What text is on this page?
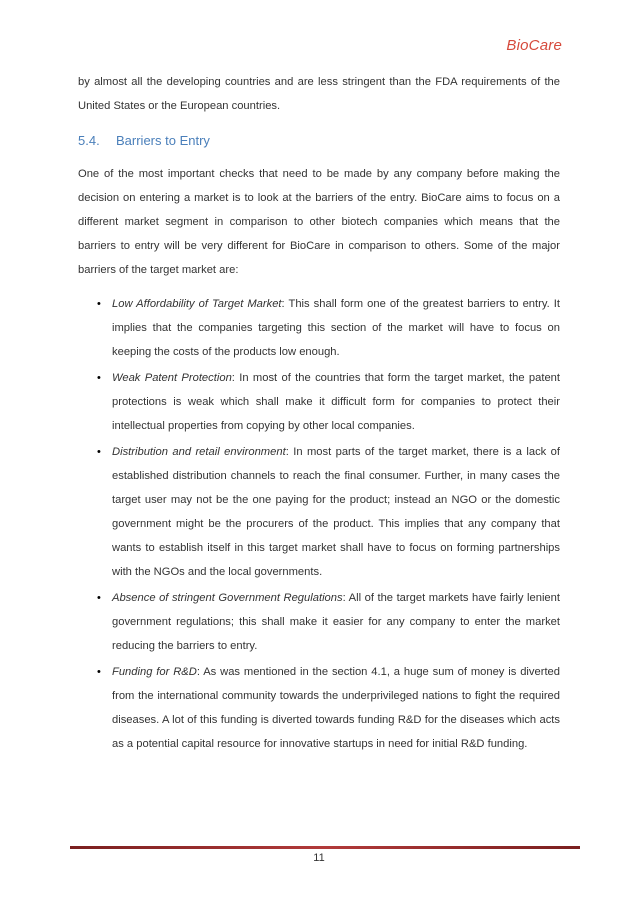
BioCare

by almost all the developing countries and are less stringent than the FDA requirements of the United States or the European countries.

5.4.	Barriers to Entry

One of the most important checks that need to be made by any company before making the decision on entering a market is to look at the barriers of the entry. BioCare aims to focus on a different market segment in comparison to other biotech companies which means that the barriers to entry will be very different for BioCare in comparison to others. Some of the major barriers of the target market are:

• Low Affordability of Target Market: This shall form one of the greatest barriers to entry. It implies that the companies targeting this section of the market will have to focus on keeping the costs of the products low enough.
• Weak Patent Protection: In most of the countries that form the target market, the patent protections is weak which shall make it difficult form for companies to protect their intellectual properties from copying by other local companies.
• Distribution and retail environment: In most parts of the target market, there is a lack of established distribution channels to reach the final consumer. Further, in many cases the target user may not be the one paying for the product; instead an NGO or the domestic government might be the procurers of the product. This implies that any company that wants to establish itself in this target market shall have to focus on forming partnerships with the NGOs and the local governments.
• Absence of stringent Government Regulations: All of the target markets have fairly lenient government regulations; this shall make it easier for any company to enter the market reducing the barriers to entry.
• Funding for R&D: As was mentioned in the section 4.1, a huge sum of money is diverted from the international community towards the underprivileged nations to fight the required diseases. A lot of this funding is diverted towards funding R&D for the diseases which acts as a potential capital resource for innovative startups in need for initial R&D funding.
11
